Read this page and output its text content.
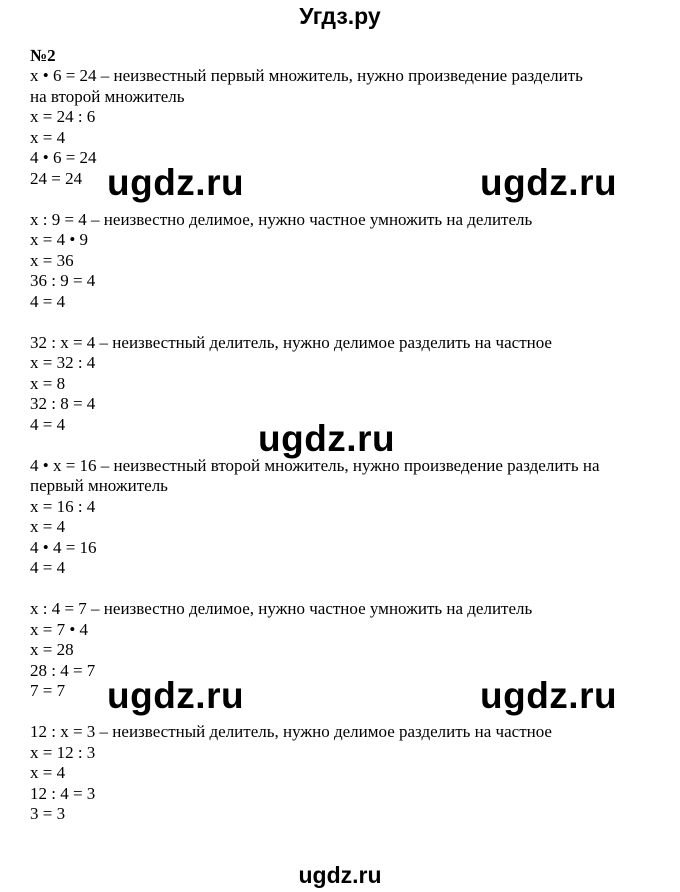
Угдз.ру
№2
x • 6 = 24 – неизвестный первый множитель, нужно произведение разделить
на второй множитель
x = 24 : 6
x = 4
4 • 6 = 24
24 = 24
x : 9 = 4 – неизвестно делимое, нужно частное умножить на делитель
x = 4 • 9
x = 36
36 : 9 = 4
4 = 4
32 : x = 4 – неизвестный делитель, нужно делимое разделить на частное
x = 32 : 4
x = 8
32 : 8 = 4
4 = 4
4 • x = 16 – неизвестный второй множитель, нужно произведение разделить на
первый множитель
x = 16 : 4
x = 4
4 • 4 = 16
4 = 4
x : 4 = 7 – неизвестно делимое, нужно частное умножить на делитель
x = 7 • 4
x = 28
28 : 4 = 7
7 = 7
12 : x = 3 – неизвестный делитель, нужно делимое разделить на частное
x = 12 : 3
x = 4
12 : 4 = 3
3 = 3
ugdz.ru	ugdz.ru
ugdz.ru
ugdz.ru	ugdz.ru
ugdz.ru
